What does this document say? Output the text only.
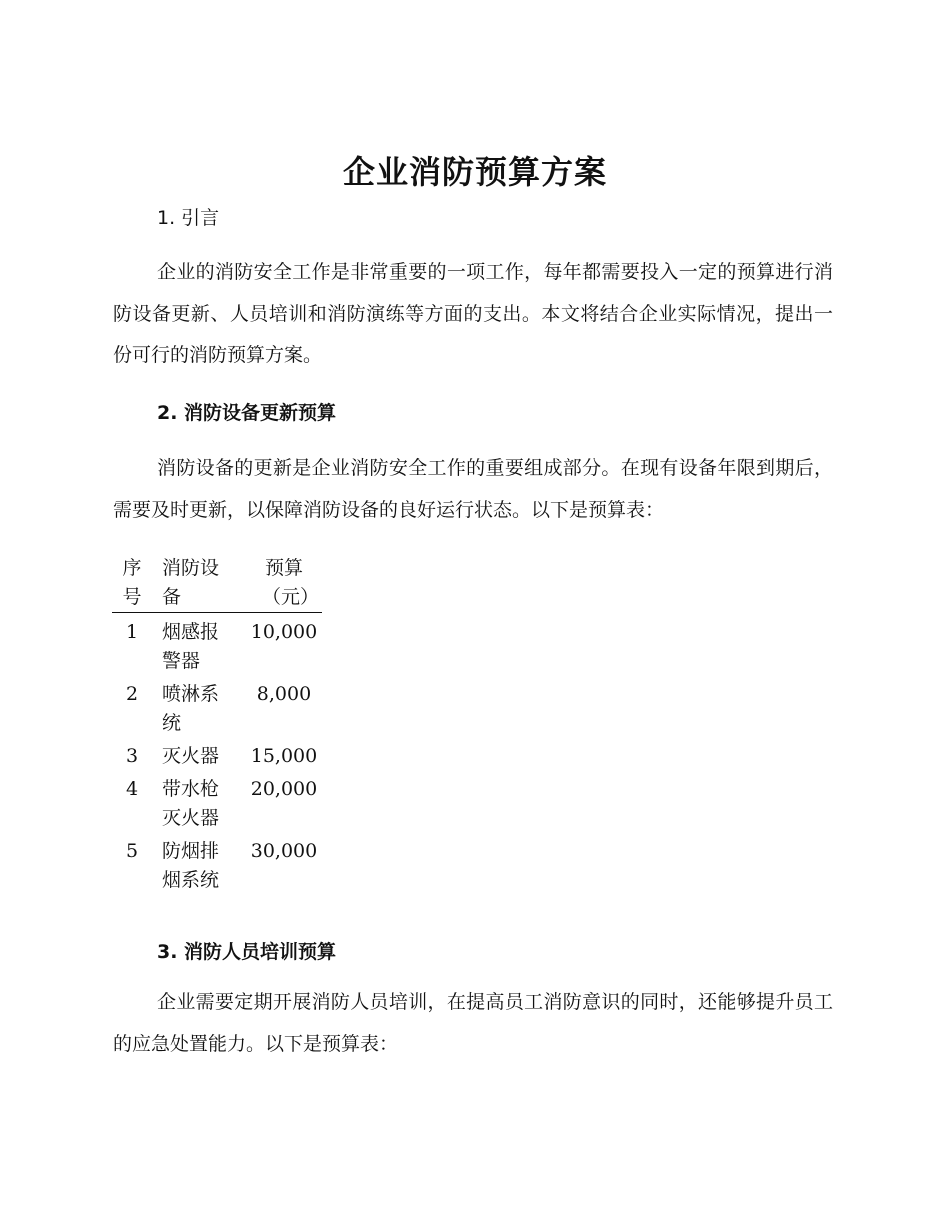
企业消防预算方案
1. 引言

企业的消防安全工作是非常重要的一项工作，每年都需要投入一定的预算进行消防设备更新、人员培训和消防演练等方面的支出。本文将结合企业实际情况，提出一份可行的消防预算方案。

2. 消防设备更新预算

消防设备的更新是企业消防安全工作的重要组成部分。在现有设备年限到期后，需要及时更新，以保障消防设备的良好运行状态。以下是预算表：

序号	消防设备	预算（元）
1	烟感报警器	10,000
2	喷淋系统	8,000
3	灭火器	15,000
4	带水枪灭火器	20,000
5	防烟排烟系统	30,000
3. 消防人员培训预算

企业需要定期开展消防人员培训，在提高员工消防意识的同时，还能够提升员工的应急处置能力。以下是预算表：
